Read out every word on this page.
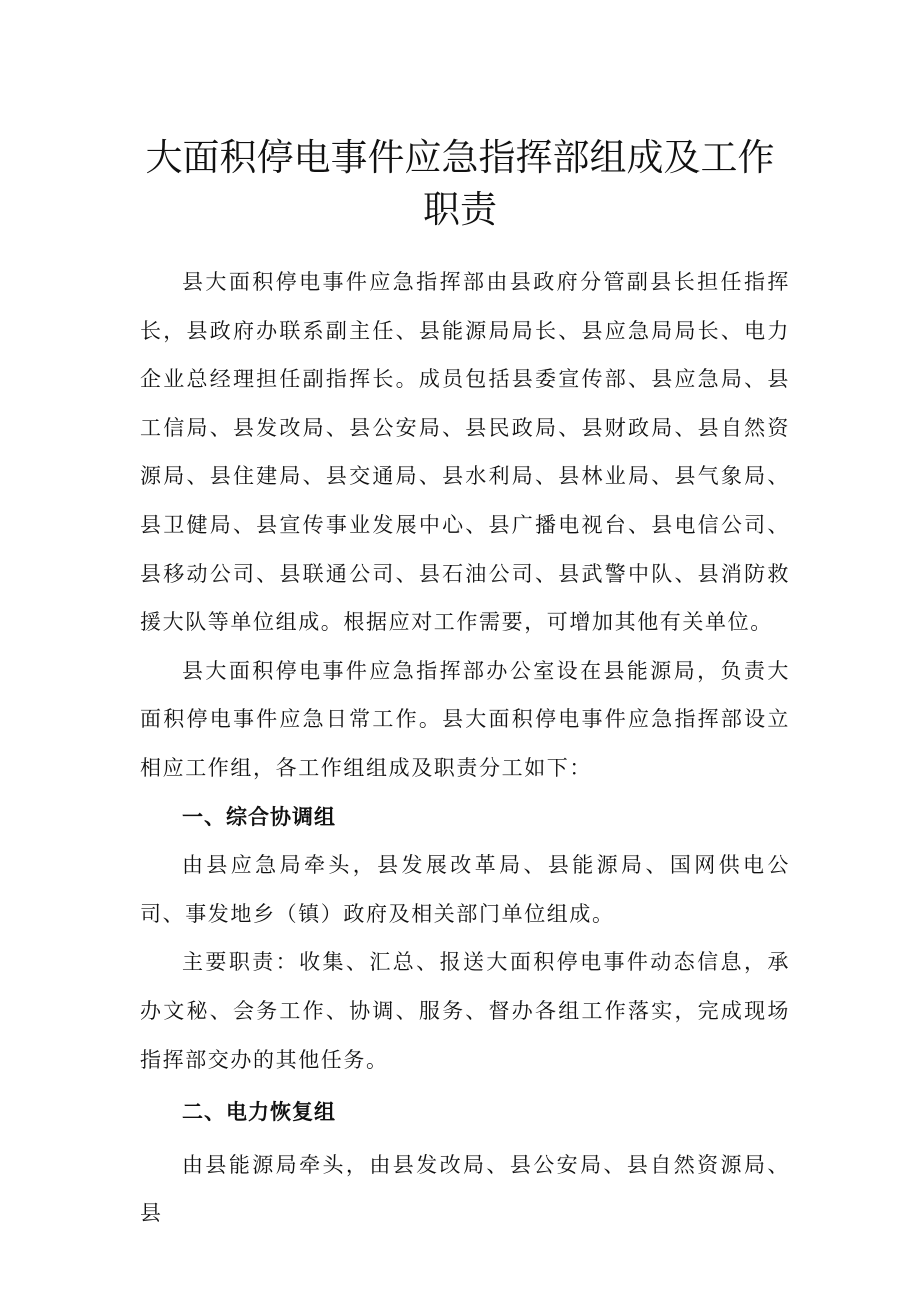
大面积停电事件应急指挥部组成及工作职责

县大面积停电事件应急指挥部由县政府分管副县长担任指挥长，县政府办联系副主任、县能源局局长、县应急局局长、电力企业总经理担任副指挥长。成员包括县委宣传部、县应急局、县工信局、县发改局、县公安局、县民政局、县财政局、县自然资源局、县住建局、县交通局、县水利局、县林业局、县气象局、县卫健局、县宣传事业发展中心、县广播电视台、县电信公司、县移动公司、县联通公司、县石油公司、县武警中队、县消防救援大队等单位组成。根据应对工作需要，可增加其他有关单位。

县大面积停电事件应急指挥部办公室设在县能源局，负责大面积停电事件应急日常工作。县大面积停电事件应急指挥部设立相应工作组，各工作组组成及职责分工如下：

一、综合协调组

由县应急局牵头，县发展改革局、县能源局、国网供电公司、事发地乡（镇）政府及相关部门单位组成。

主要职责：收集、汇总、报送大面积停电事件动态信息，承办文秘、会务工作、协调、服务、督办各组工作落实，完成现场指挥部交办的其他任务。

二、电力恢复组

由县能源局牵头，由县发改局、县公安局、县自然资源局、县
